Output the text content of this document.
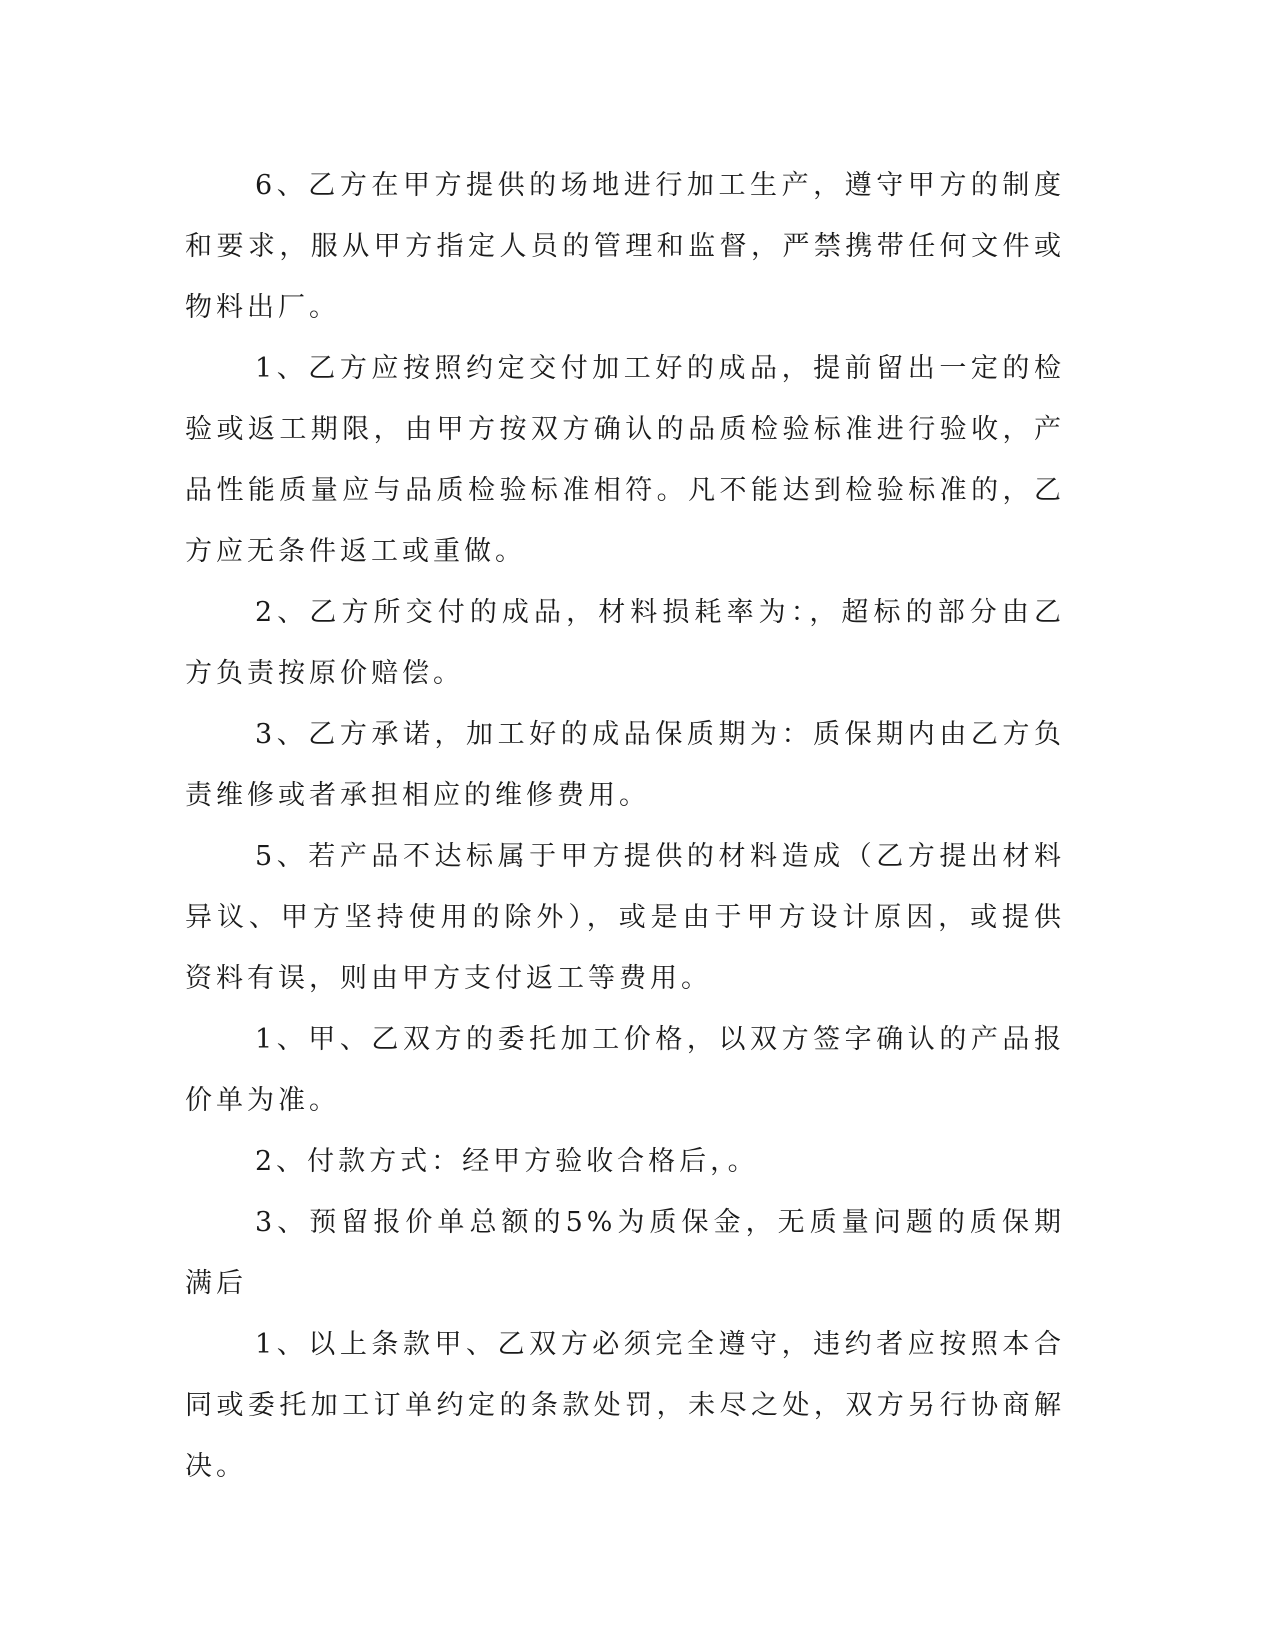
6、乙方在甲方提供的场地进行加工生产，遵守甲方的制度和要求，服从甲方指定人员的管理和监督，严禁携带任何文件或物料出厂。

1、乙方应按照约定交付加工好的成品，提前留出一定的检验或返工期限，由甲方按双方确认的品质检验标准进行验收，产品性能质量应与品质检验标准相符。凡不能达到检验标准的，乙方应无条件返工或重做。

2、乙方所交付的成品，材料损耗率为：，超标的部分由乙方负责按原价赔偿。

3、乙方承诺，加工好的成品保质期为：质保期内由乙方负责维修或者承担相应的维修费用。

5、若产品不达标属于甲方提供的材料造成（乙方提出材料异议、甲方坚持使用的除外），或是由于甲方设计原因，或提供资料有误，则由甲方支付返工等费用。

1、甲、乙双方的委托加工价格，以双方签字确认的产品报价单为准。

2、付款方式：经甲方验收合格后，。

3、预留报价单总额的5%为质保金，无质量问题的质保期满后

1、以上条款甲、乙双方必须完全遵守，违约者应按照本合同或委托加工订单约定的条款处罚，未尽之处，双方另行协商解决。
